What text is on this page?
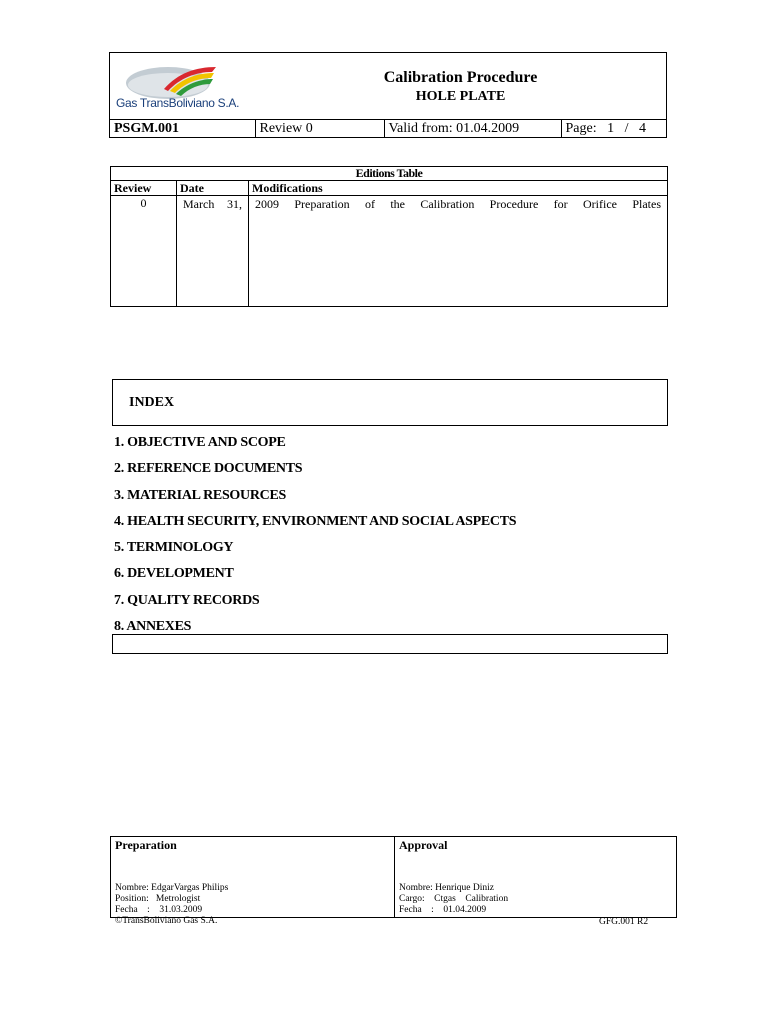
Gas TransBoliviano S.A.	Calibration Procedure
HOLE PLATE		

PSGM.001	Review 0	Valid from: 01.04.2009	Page:   1   /   4
Editions Table		
Review	Date	Modifications
0	March 31,	2009 Preparation of the Calibration Procedure for Orifice Plates
INDEX
1. OBJECTIVE AND SCOPE
2. REFERENCE DOCUMENTS
3. MATERIAL RESOURCES
4. HEALTH SECURITY, ENVIRONMENT AND SOCIAL ASPECTS
5. TERMINOLOGY
6. DEVELOPMENT
7. QUALITY RECORDS
8. ANNEXES
Preparation
Nombre: EdgarVargas Philips
Position:   Metrologist
Fecha    :    31.03.2009

Approval
Nombre: Henrique Diniz
Cargo:    Ctgas    Calibration
Fecha    :    01.04.2009
©TransBoliviano Gas S.A.	GFG.001 R2
